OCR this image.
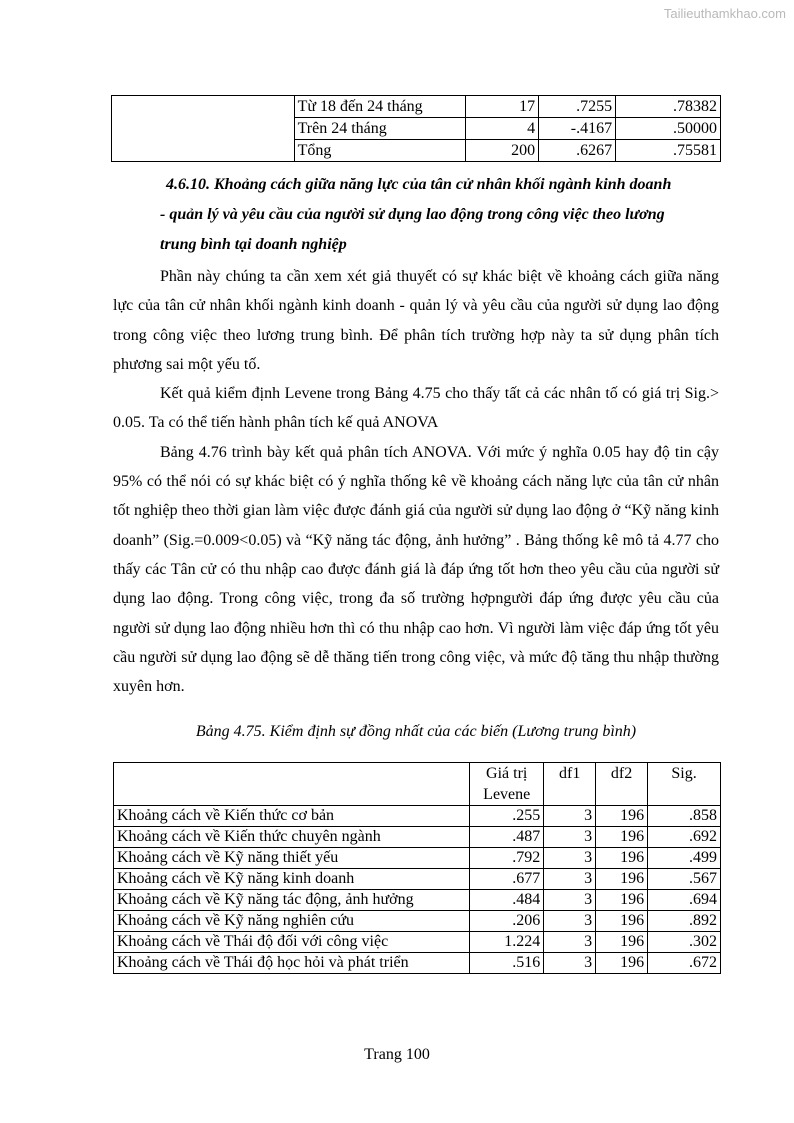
Tailieuthamkhao.com
	Từ 18 đến 24 tháng	17	.7255	.78382
	Trên 24 tháng	4	-.4167	.50000
	Tổng	200	.6267	.75581
4.6.10. Khoảng cách giữa năng lực của tân cử nhân khối ngành kinh doanh
- quản lý và yêu cầu của người sử dụng lao động trong công việc theo lương
trung bình tại doanh nghiệp

Phần này chúng ta cần xem xét giả thuyết có sự khác biệt về khoảng cách giữa năng lực của tân cử nhân khối ngành kinh doanh - quản lý và yêu cầu của người sử dụng lao động trong công việc theo lương trung bình. Để phân tích trường hợp này ta sử dụng phân tích phương sai một yếu tố.

Kết quả kiểm định Levene trong Bảng 4.75 cho thấy tất cả các nhân tố có giá trị Sig.> 0.05. Ta có thể tiến hành phân tích kế quả ANOVA

Bảng 4.76 trình bày kết quả phân tích ANOVA. Với mức ý nghĩa 0.05 hay độ tin cậy 95% có thể nói có sự khác biệt có ý nghĩa thống kê về khoảng cách năng lực của tân cử nhân tốt nghiệp theo thời gian làm việc được đánh giá của người sử dụng lao động ở “Kỹ năng kinh doanh” (Sig.=0.009<0.05) và “Kỹ năng tác động, ảnh hưởng” . Bảng thống kê mô tả 4.77 cho thấy các Tân cử có thu nhập cao được đánh giá là đáp ứng tốt hơn theo yêu cầu của người sử dụng lao động. Trong công việc, trong đa số trường hợpngười đáp ứng được yêu cầu của người sử dụng lao động nhiều hơn thì có thu nhập cao hơn. Vì người làm việc đáp ứng tốt yêu cầu người sử dụng lao động sẽ dễ thăng tiến trong công việc, và mức độ tăng thu nhập thường xuyên hơn.

Bảng 4.75. Kiểm định sự đồng nhất của các biến (Lương trung bình)
	Giá trị Levene	df1	df2	Sig.
Khoảng cách về Kiến thức cơ bản	.255	3	196	.858
Khoảng cách về Kiến thức chuyên ngành	.487	3	196	.692
Khoảng cách về Kỹ năng thiết yếu	.792	3	196	.499
Khoảng cách về Kỹ năng kinh doanh	.677	3	196	.567
Khoảng cách về Kỹ năng tác động, ảnh hưởng	.484	3	196	.694
Khoảng cách về Kỹ năng nghiên cứu	.206	3	196	.892
Khoảng cách về Thái độ đối với công việc	1.224	3	196	.302
Khoảng cách về Thái độ học hỏi và phát triển	.516	3	196	.672
Trang 100
